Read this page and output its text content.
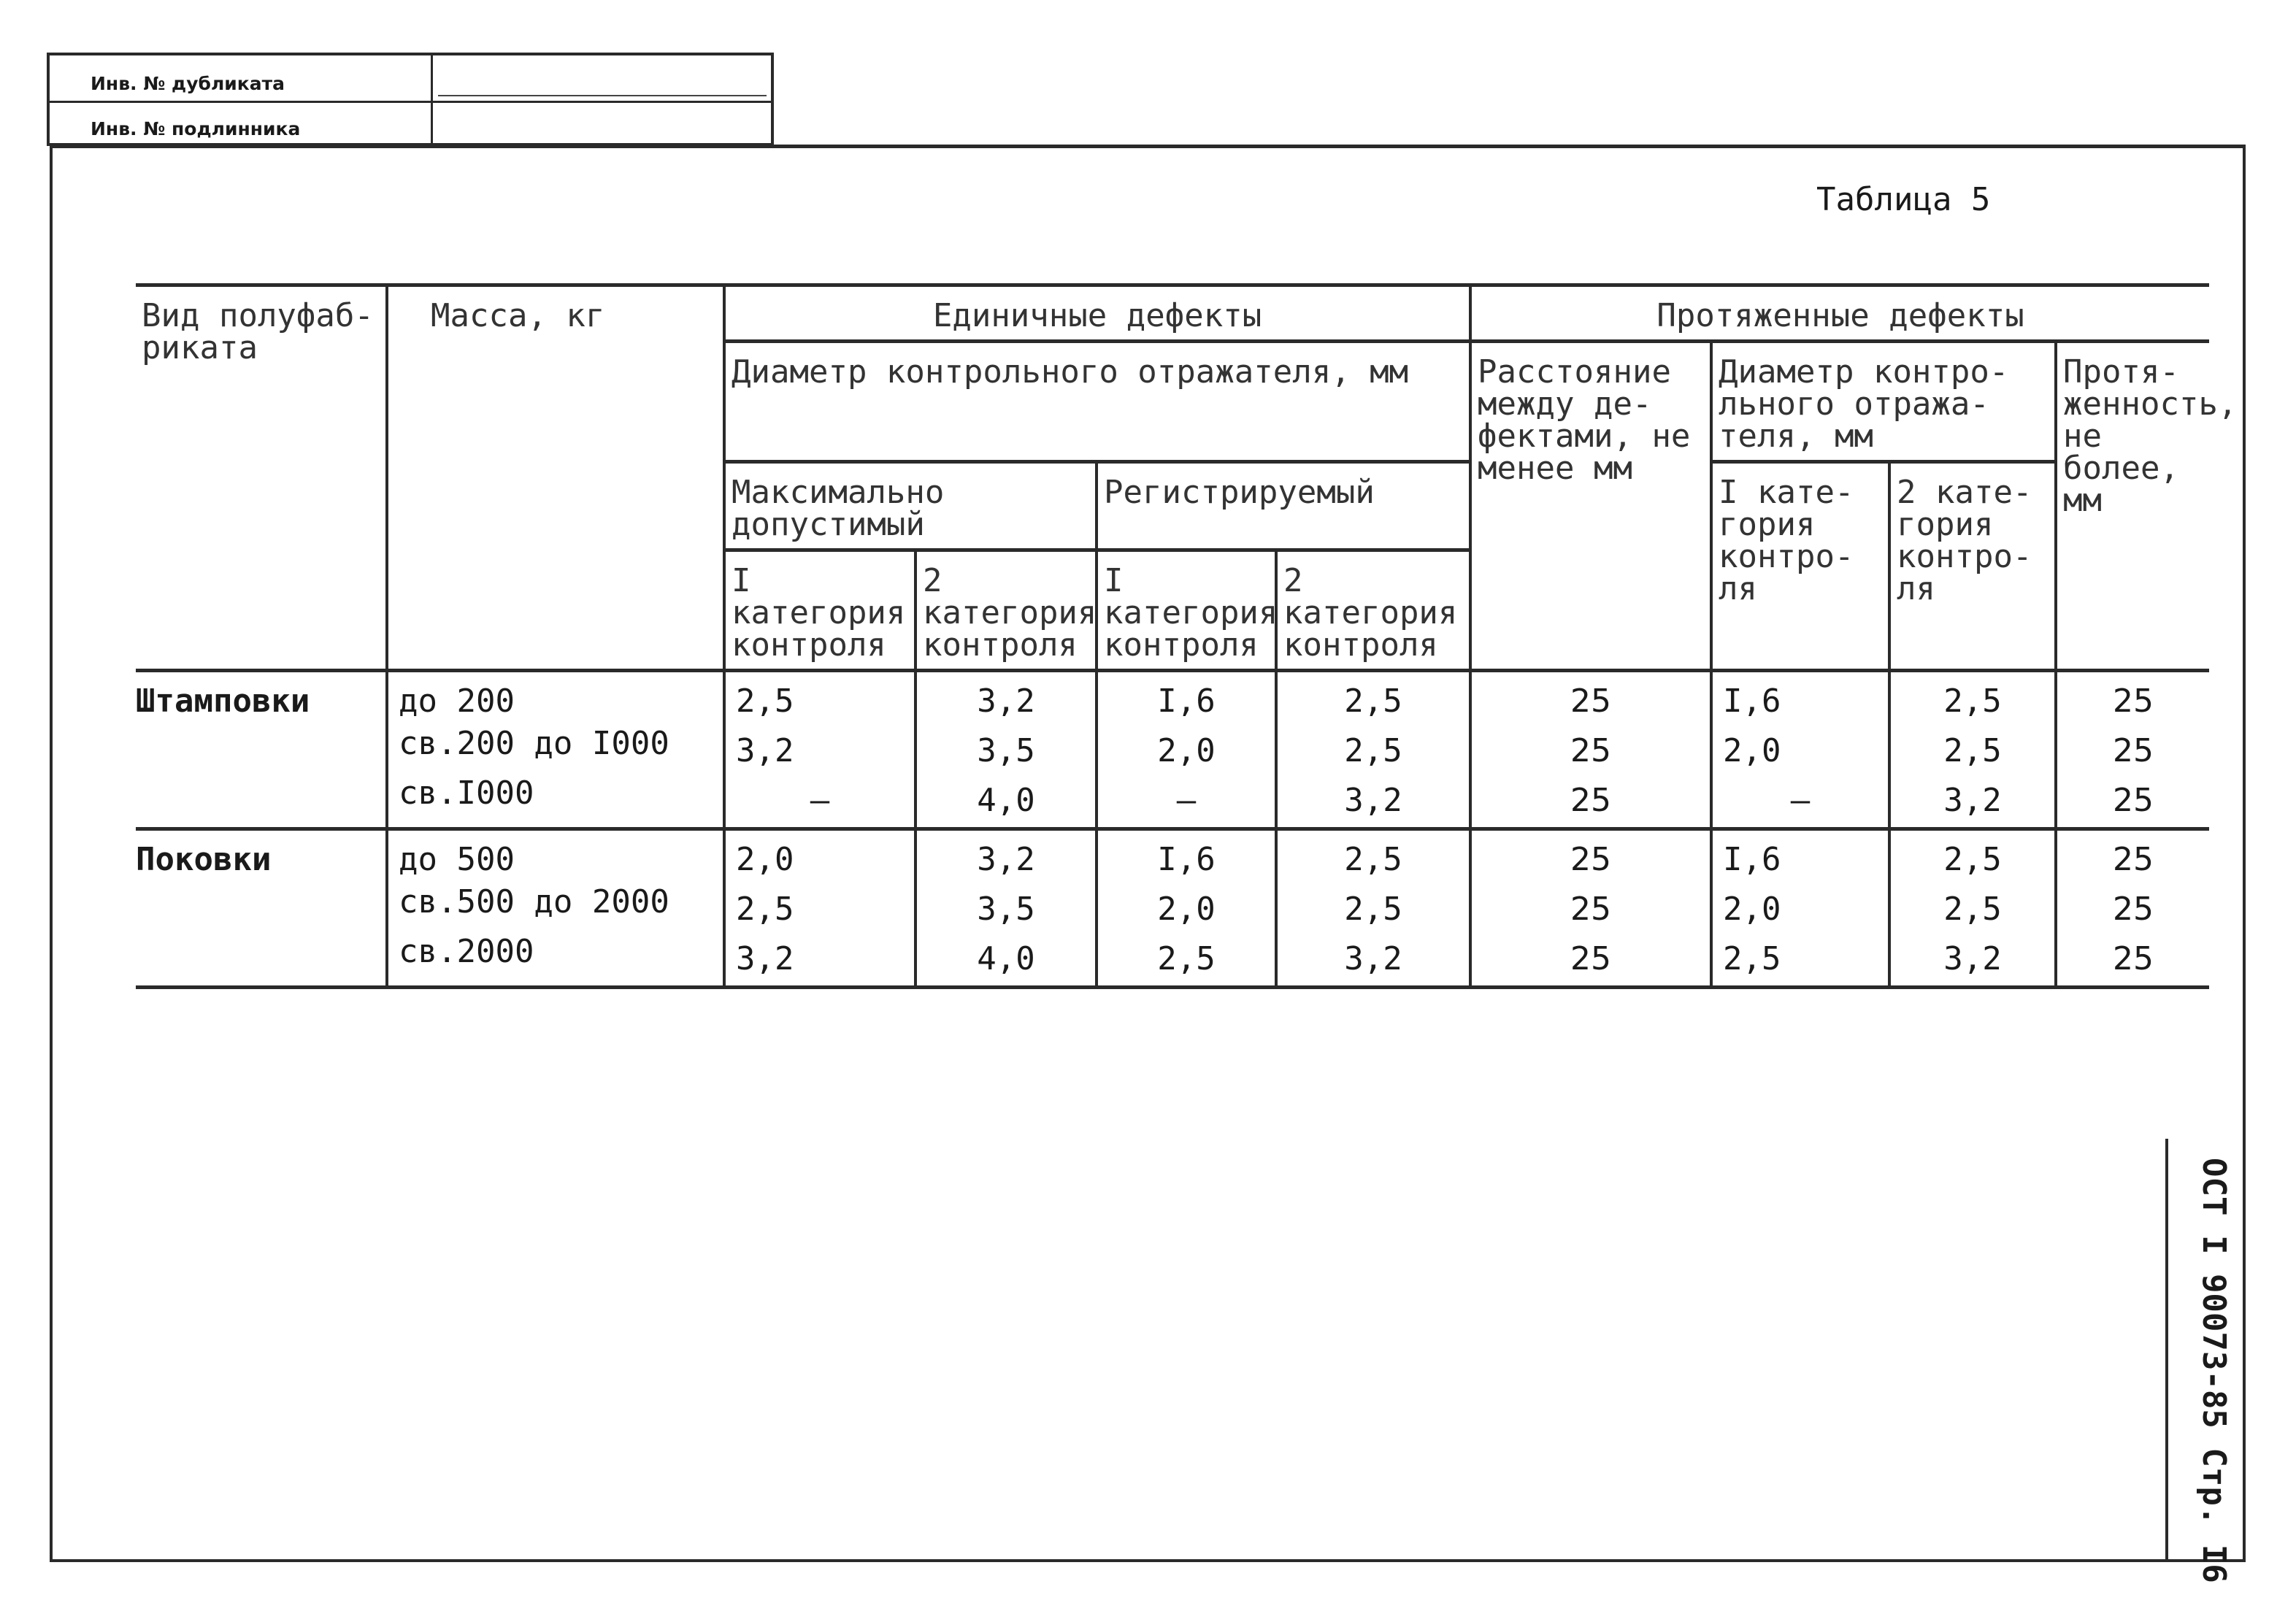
Инв. № дубликата
Инв. № подлинника
Таблица 5
Вид полуфаб- риката	Масса, кг	Единичные дефекты				Протяженные дефекты			
		Диаметр контрольного отражателя, мм				Расстояние между де- фектами, не менее мм	Диаметр контро- льного отража- теля, мм		Протя- женность, не более, мм
		Максимально допустимый		Регистрируемый			I кате- гория контро- ля	2 кате- гория контро- ля	
		I категория контроля	2 категория контроля	I категория контроля	2 категория контроля				
Штамповки	до 200	2,5	3,2	I,6	2,5	25	I,6	2,5	25
	св.200 до I000	3,2	3,5	2,0	2,5	25	2,0	2,5	25
	св.I000	–	4,0	–	3,2	25	–	3,2	25
Поковки	до 500	2,0	3,2	I,6	2,5	25	I,6	2,5	25
	св.500 до 2000	2,5	3,5	2,0	2,5	25	2,0	2,5	25
	св.2000	3,2	4,0	2,5	3,2	25	2,5	3,2	25
ОСТ I 90073-85 Стр. I6
